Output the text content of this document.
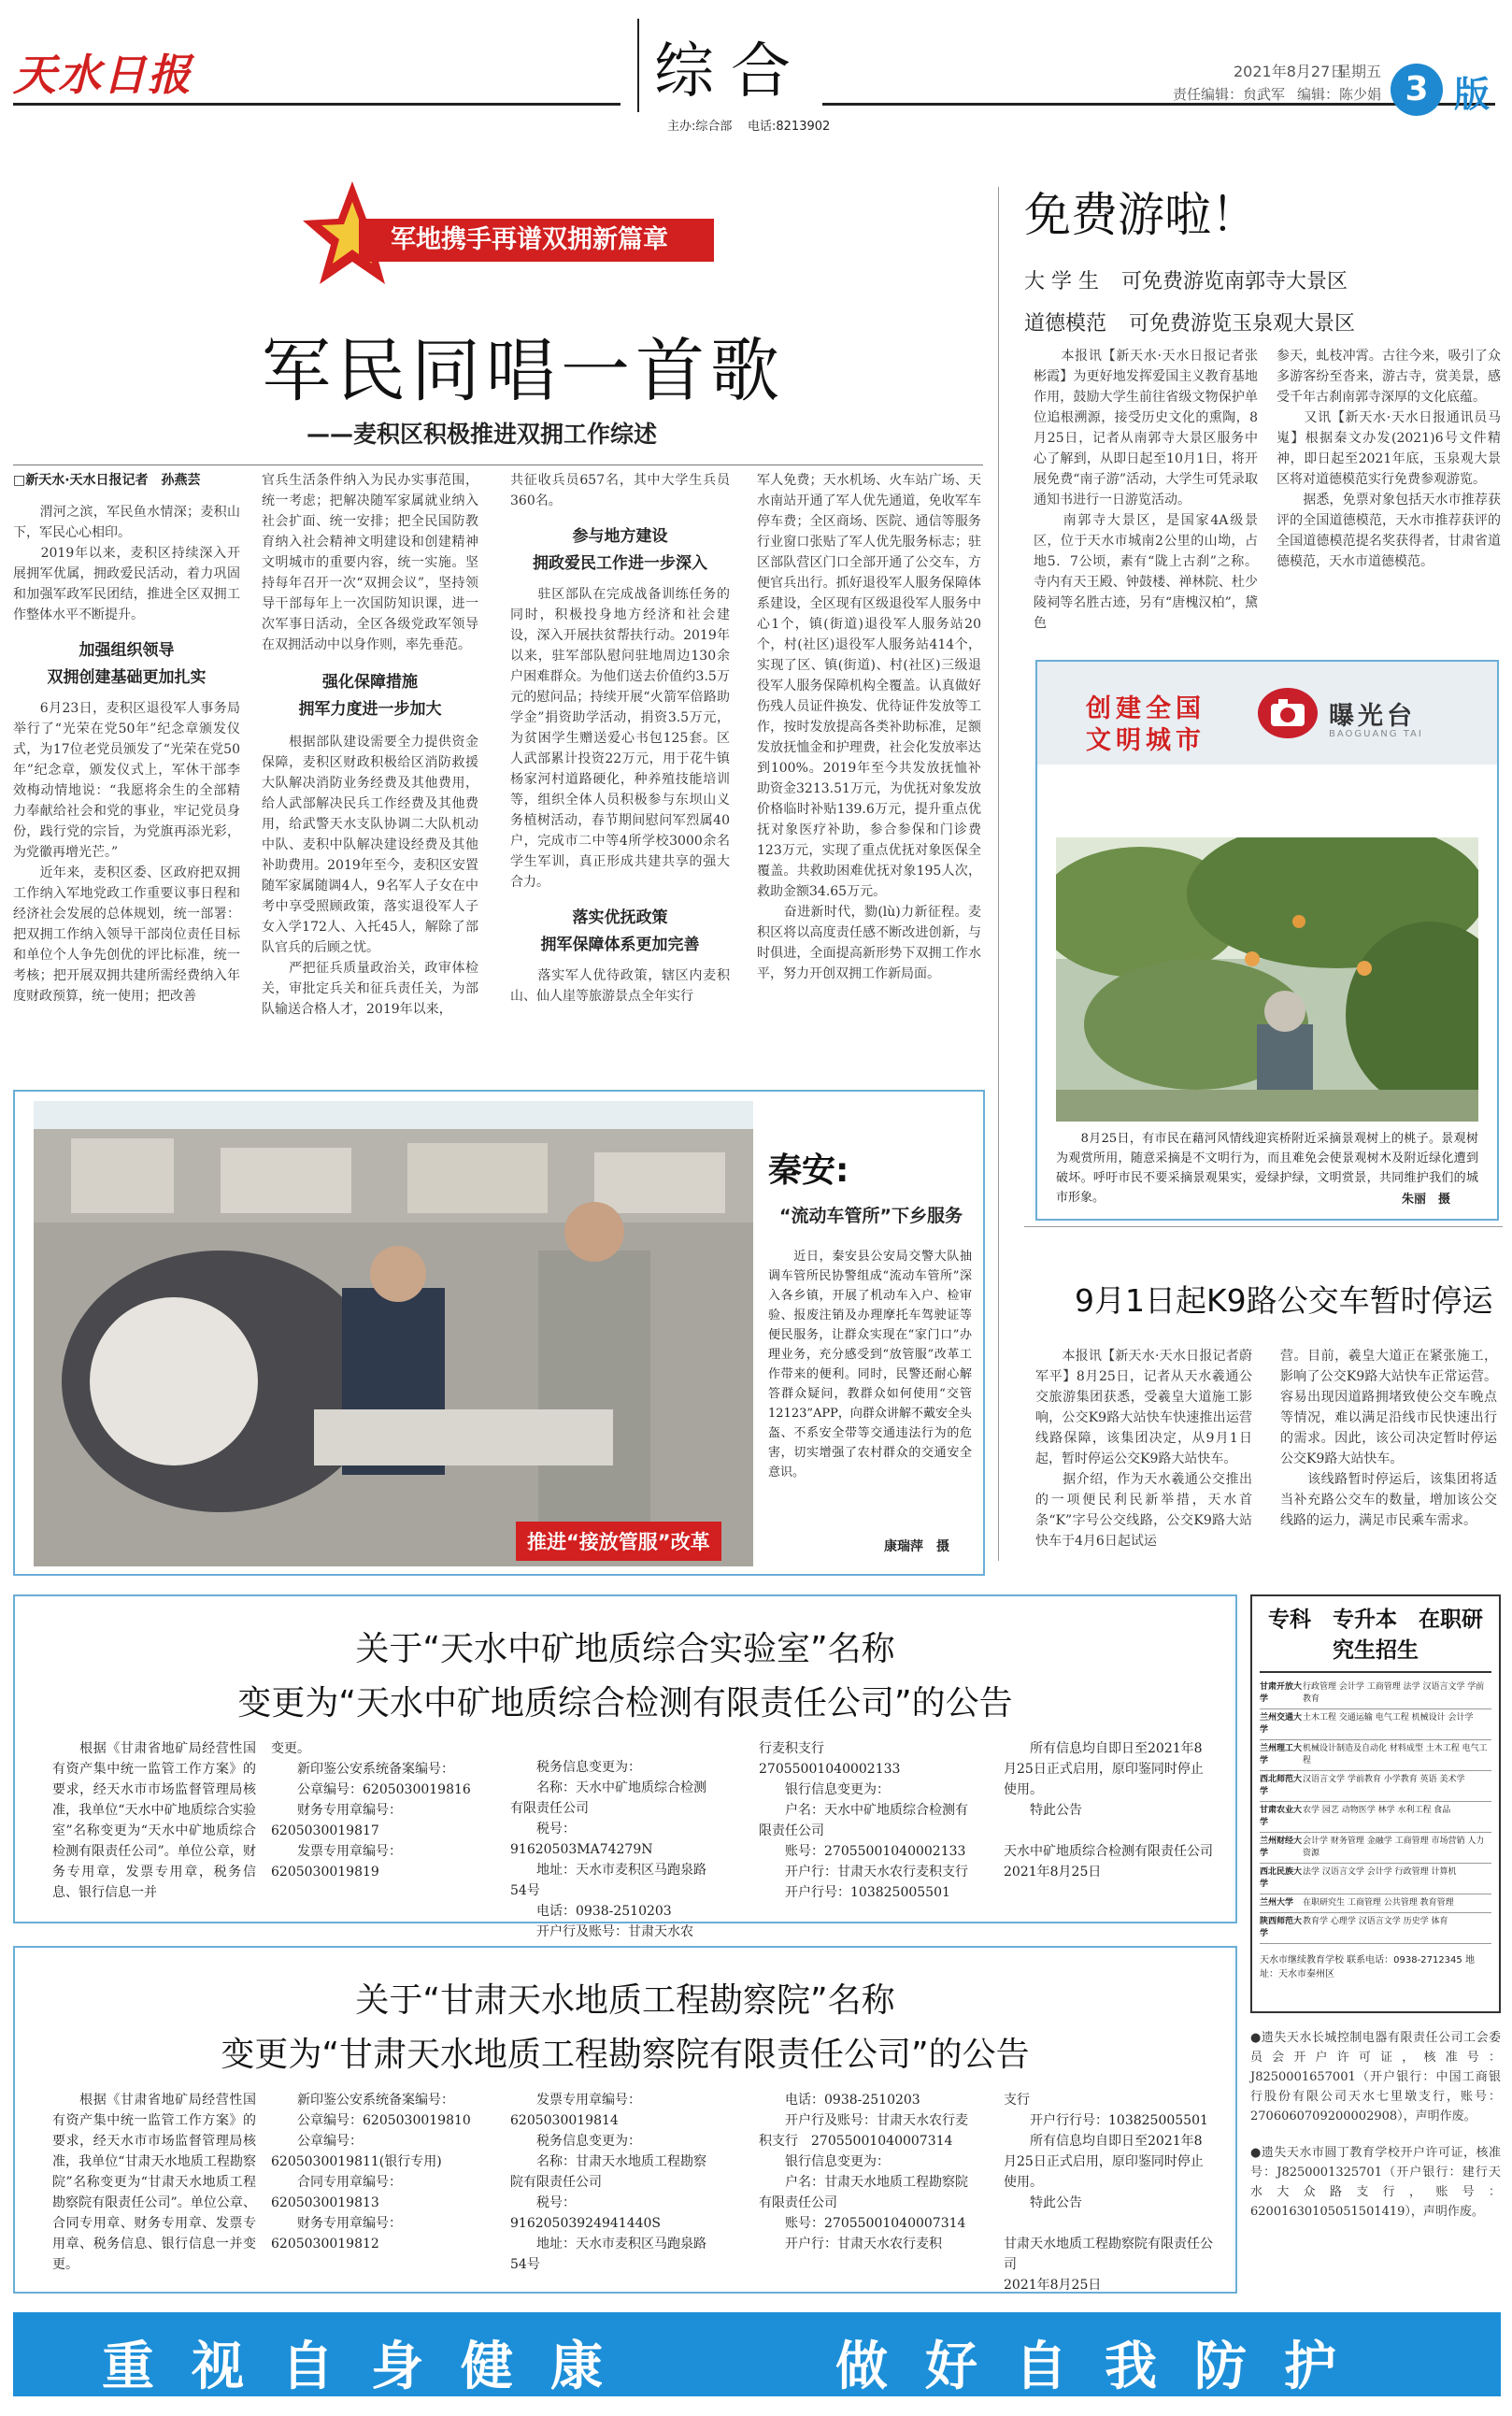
天水日报	综合
主办:综合部 电话:8213902
2021年8月27日
星期五
责任编辑：贠武军 编辑：陈少娟 3 版
军地携手再谱双拥新篇章
军民同唱一首歌
——麦积区积极推进双拥工作综述
□新天水·天水日报记者　孙燕芸
　　渭河之滨，军民鱼水情深；麦积山下，军民心心相印。
　　2019年以来，麦积区持续深入开展拥军优属，拥政爱民活动，着力巩固和加强军政军民团结，推进全区双拥工作整体水平不断提升。
加强组织领导
双拥创建基础更加扎实
　　6月23日，麦积区退役军人事务局举行了“光荣在党50年”纪念章颁发仪式，为17位老党员颁发了“光荣在党50年”纪念章，颁发仪式上，军休干部李效梅动情地说：“我愿将余生的全部精力奉献给社会和党的事业，牢记党员身份，践行党的宗旨，为党旗再添光彩，为党徽再增光芒。”
　　近年来，麦积区委、区政府把双拥工作纳入军地党政工作重要议事日程和经济社会发展的总体规划，统一部署：把双拥工作纳入领导干部岗位责任目标和单位个人争先创优的评比标准，统一考核；把开展双拥共建所需经费纳入年度财政预算，统一使用；把改善
官兵生活条件纳入为民办实事范围，统一考虑；把解决随军家属就业纳入社会扩面、统一安排；把全民国防教育纳入社会精神文明建设和创建精神文明城市的重要内容，统一实施。坚持每年召开一次“双拥会议”，坚持领导干部每年上一次国防知识课，进一次军事日活动，全区各级党政军领导在双拥活动中以身作则，率先垂范。
强化保障措施
拥军力度进一步加大
　　根据部队建设需要全力提供资金保障，麦积区财政积极给区消防救援大队解决消防业务经费及其他费用，给人武部解决民兵工作经费及其他费用，给武警天水支队协调二大队机动中队、麦积中队解决建设经费及其他补助费用。2019年至今，麦积区安置随军家属随调4人，9名军人子女在中考中享受照顾政策，落实退役军人子女入学172人、入托45人，解除了部队官兵的后顾之忧。
　　严把征兵质量政治关，政审体检关，审批定兵关和征兵责任关，为部队输送合格人才，2019年以来，
共征收兵员657名，其中大学生兵员360名。
参与地方建设
拥政爱民工作进一步深入
　　驻区部队在完成战备训练任务的同时，积极投身地方经济和社会建设，深入开展扶贫帮扶行动。2019年以来，驻军部队慰问驻地周边130余户困难群众。为他们送去价值约3.5万元的慰问品；持续开展“火箭军倍路助学金”捐资助学活动，捐资3.5万元，为贫困学生赠送爱心书包125套。区人武部累计投资22万元，用于花牛镇杨家河村道路硬化，种养殖技能培训等，组织全体人员积极参与东坝山义务植树活动，春节期间慰问军烈属40户，完成市二中等4所学校3000余名学生军训，真正形成共建共享的强大合力。
落实优抚政策
拥军保障体系更加完善
　　落实军人优待政策，辖区内麦积山、仙人崖等旅游景点全年实行
军人免费；天水机场、火车站广场、天水南站开通了军人优先通道，免收军车停车费；全区商场、医院、通信等服务行业窗口张贴了军人优先服务标志；驻区部队营区门口全部开通了公交车，方便官兵出行。抓好退役军人服务保障体系建设，全区现有区级退役军人服务中心1个，镇(街道)退役军人服务站20个，村(社区)退役军人服务站414个，实现了区、镇(街道)、村(社区)三级退役军人服务保障机构全覆盖。认真做好伤残人员证件换发、优待证件发放等工作，按时发放提高各类补助标准，足额发放抚恤金和护理费，社会化发放率达到100%。2019年至今共发放抚恤补助资金3213.51万元，为优抚对象发放价格临时补贴139.6万元，提升重点优抚对象医疗补助，参合参保和门诊费123万元，实现了重点优抚对象医保全覆盖。共救助困难优抚对象195人次，救助金额34.65万元。
　　奋进新时代，勠(lù)力新征程。麦积区将以高度责任感不断改进创新，与时俱进，全面提高新形势下双拥工作水平，努力开创双拥工作新局面。
免费游啦！
大 学 生 可免费游览南郭寺大景区
道德模范 可免费游览玉泉观大景区
　　本报讯【新天水·天水日报记者张彬霞】为更好地发挥爱国主义教育基地作用，鼓励大学生前往省级文物保护单位追根溯源，接受历史文化的熏陶，8月25日，记者从南郭寺大景区服务中心了解到，从即日起至10月1日，将开展免费“南子游”活动，大学生可凭录取通知书进行一日游览活动。
　　南郭寺大景区，是国家4A级景区，位于天水市城南2公里的山坳，占地5．7公顷，素有“陇上古刹”之称。寺内有天王殿、钟鼓楼、禅林院、杜少陵祠等名胜古迹，另有“唐槐汉柏”，黛色
参天，虬枝冲霄。古往今来，吸引了众多游客纷至沓来，游古寺，赏美景，感受千年古刹南郭寺深厚的文化底蕴。
　　又讯【新天水·天水日报通讯员马嵬】根据秦文办发(2021)6号文件精神，即日起至2021年底，玉泉观大景区将对道德模范实行免费参观游览。
　　据悉，免票对象包括天水市推荐获评的全国道德模范，天水市推荐获评的全国道德模范提名奖获得者，甘肃省道德模范，天水市道德模范。
创建全国
文明城市
曝光台
BAOGUANG TAI
　　8月25日，有市民在藉河风情线迎宾桥附近采摘景观树上的桃子。景观树为观赏所用，随意采摘是不文明行为，而且难免会使景观树木及附近绿化遭到破坏。呼吁市民不要采摘景观果实，爱绿护绿，文明赏景，共同维护我们的城市形象。	朱丽　摄
推进“接放管服”改革
秦安:
“流动车管所”下乡服务
　　近日，秦安县公安局交警大队抽调车管所民协警组成“流动车管所”深入各乡镇，开展了机动车入户、检审验、报废注销及办理摩托车驾驶证等便民服务，让群众实现在“家门口”办理业务，充分感受到“放管服”改革工作带来的便利。同时，民警还耐心解答群众疑问，教群众如何使用“交管12123”APP，向群众讲解不戴安全头盔、不系安全带等交通违法行为的危害，切实增强了农村群众的交通安全意识。
康瑞萍　摄
9月1日起K9路公交车暂时停运
　　本报讯【新天水·天水日报记者蔚军平】8月25日，记者从天水羲通公交旅游集团获悉，受羲皇大道施工影响，公交K9路大站快车快速推出运营线路保障，该集团决定，从9月1日起，暂时停运公交K9路大站快车。
　　据介绍，作为天水羲通公交推出的一项便民利民新举措，天水首条“K”字号公交线路，公交K9路大站快车于4月6日起试运
营。目前，羲皇大道正在紧张施工，影响了公交K9路大站快车正常运营。容易出现因道路拥堵致使公交车晚点等情况，难以满足沿线市民快速出行的需求。因此，该公司决定暂时停运公交K9路大站快车。
　　该线路暂时停运后，该集团将适当补充路公交车的数量，增加该公交线路的运力，满足市民乘车需求。
关于“天水中矿地质综合实验室”名称
变更为“天水中矿地质综合检测有限责任公司”的公告
　　根据《甘肃省地矿局经营性国有资产集中统一监管工作方案》的要求，经天水市市场监督管理局核准，我单位“天水中矿地质综合实验室”名称变更为“天水中矿地质综合检测有限责任公司”。单位公章，财务专用章，发票专用章，税务信息、银行信息一并
变更。
　　新印鉴公安系统备案编号：
　　公章编号：6205030019816
　　财务专用章编号：6205030019817
　　发票专用章编号：6205030019819
　　税务信息变更为：
　　名称：天水中矿地质综合检测有限责任公司
　　税号：91620503MA74279N
　　地址：天水市麦积区马跑泉路54号
　　电话：0938-2510203
　　开户行及账号：甘肃天水农
行麦积支行　27055001040002133
　　银行信息变更为：
　　户名：天水中矿地质综合检测有限责任公司
　　账号：27055001040002133
　　开户行：甘肃天水农行麦积支行
　　开户行号：103825005501
　　所有信息均自即日至2021年8月25日正式启用，原印鉴同时停止使用。
　　特此公告

天水中矿地质综合检测有限责任公司
2021年8月25日
关于“甘肃天水地质工程勘察院”名称
变更为“甘肃天水地质工程勘察院有限责任公司”的公告
　　根据《甘肃省地矿局经营性国有资产集中统一监管工作方案》的要求，经天水市市场监督管理局核准，我单位“甘肃天水地质工程勘察院”名称变更为“甘肃天水地质工程勘察院有限责任公司”。单位公章、合同专用章、财务专用章、发票专用章、税务信息、银行信息一并变更。
　　新印鉴公安系统备案编号：
　　公章编号：6205030019810
　　公章编号：6205030019811(银行专用)
　　合同专用章编号：6205030019813
　　财务专用章编号：6205030019812
　　发票专用章编号：6205030019814
　　税务信息变更为：
　　名称：甘肃天水地质工程勘察院有限责任公司
　　税号：91620503924941440S
　　地址：天水市麦积区马跑泉路54号
　　电话：0938-2510203
　　开户行及账号：甘肃天水农行麦积支行　27055001040007314
　　银行信息变更为：
　　户名：甘肃天水地质工程勘察院有限责任公司
　　账号：27055001040007314
　　开户行：甘肃天水农行麦积
支行
　　开户行行号：103825005501
　　所有信息均自即日至2021年8月25日正式启用，原印鉴同时停止使用。
　　特此公告

甘肃天水地质工程勘察院有限责任公司
2021年8月25日
专科　专升本　在职研究生招生
甘肃开放大学
行政管理 会计学 工商管理 法学 汉语言文学 学前教育
兰州交通大学
土木工程 交通运输 电气工程 机械设计 会计学
兰州理工大学
机械设计制造及自动化 材料成型 土木工程 电气工程
西北师范大学
汉语言文学 学前教育 小学教育 英语 美术学
甘肃农业大学
农学 园艺 动物医学 林学 水利工程 食品
兰州财经大学
会计学 财务管理 金融学 工商管理 市场营销 人力资源
西北民族大学
法学 汉语言文学 会计学 行政管理 计算机
兰州大学	在职研究生 工商管理 公共管理 教育管理
陕西师范大学
教育学 心理学 汉语言文学 历史学 体育
天水市继续教育学校 联系电话：0938-2712345 地址：天水市秦州区
●遗失天水长城控制电器有限责任公司工会委员会开户许可证，核准号：J8250001657001（开户银行：中国工商银行股份有限公司天水七里墩支行，账号：2706060709200002908），声明作废。
●遗失天水市圆丁教育学校开户许可证，核准号：J8250001325701（开户银行：建行天水大众路支行，账号：62001630105051501419），声明作废。
重视自身健康	做好自我防护
